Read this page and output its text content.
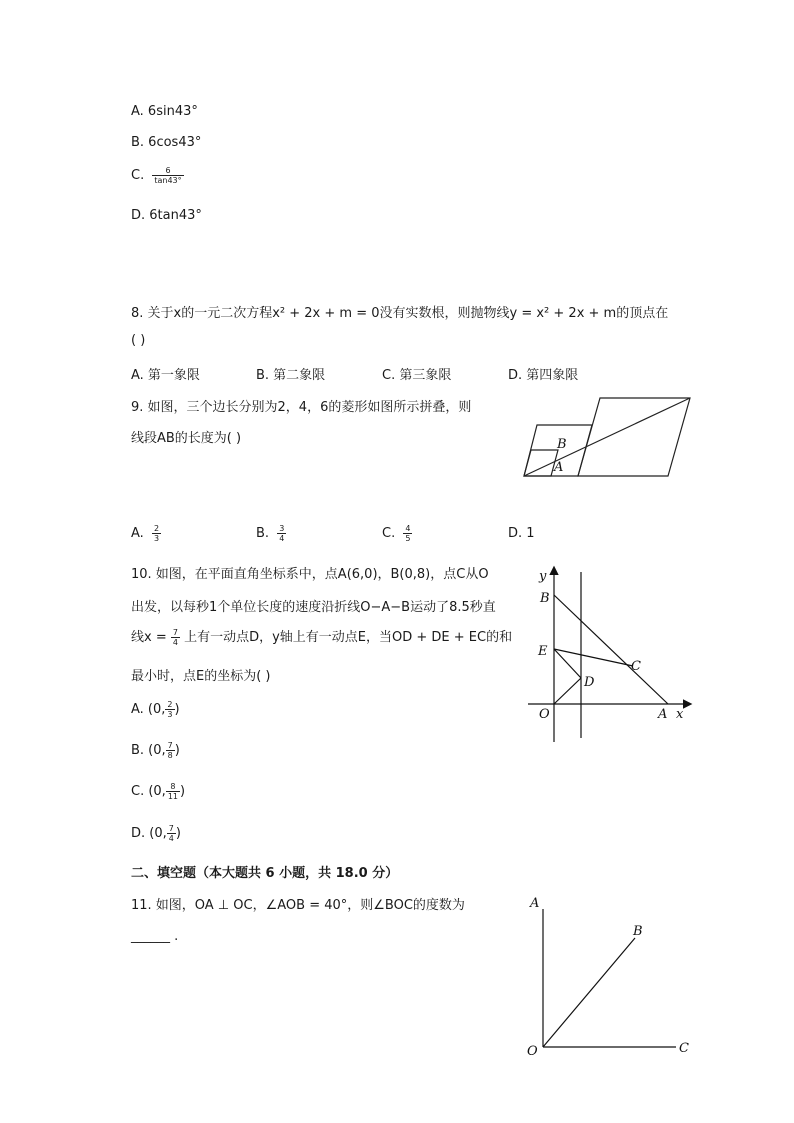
A. 6sin43°
B. 6cos43°
C. $\frac{6}{\tan 43^\circ}$
D. 6tan43°
8. 关于x的一元二次方程x² + 2x + m = 0没有实数根，则抛物线y = x² + 2x + m的顶点在
( )
A. 第一象限	B. 第二象限	C. 第三象限	D. 第四象限
9. 如图，三个边长分别为2，4，6的菱形如图所示拼叠，则
线段AB的长度为( )	B
A
A. $\frac{2}{3}$	B. $\frac{3}{4}$	C. $\frac{4}{5}$	D. 1
10. 如图，在平面直角坐标系中，点A(6,0)，B(0,8)，点C从O
出发，以每秒1个单位长度的速度沿折线O−A−B运动了8.5秒直
线$x = \frac{7}{4}$ 上有一动点D，y轴上有一动点E，当OD + DE + EC的和
最小时，点E的坐标为( )
A. (0, $\frac{2}{3}$ )
B. (0, $\frac{7}{8}$ )
C. (0, $\frac{8}{11}$ )
D. (0, $\frac{7}{4}$ )
y
B
E
C
D
O	A x
二、填空题（本大题共 6 小题，共 18.0 分）
11. 如图，OA ⊥ OC，∠AOB = 40°，则∠BOC的度数为
______ .
A
B
O	C
